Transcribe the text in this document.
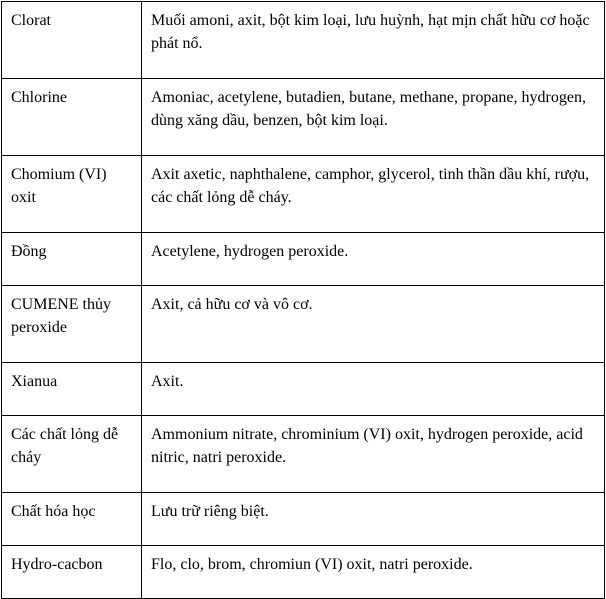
Clorat	Muối amoni, axit, bột kim loại, lưu huỳnh, hạt mịn chất hữu cơ hoặc phát nổ.
Chlorine	Amoniac, acetylene, butadien, butane, methane, propane, hydrogen, dùng xăng dầu, benzen, bột kim loại.
Chomium (VI) oxit	Axit axetic, naphthalene, camphor, glycerol, tinh thần dầu khí, rượu, các chất lỏng dễ cháy.
Đồng	Acetylene, hydrogen peroxide.
CUMENE thủy peroxide	Axit, cả hữu cơ và vô cơ.
Xianua	Axit.
Các chất lỏng dễ cháy	Ammonium nitrate, chrominium (VI) oxit, hydrogen peroxide, acid nitric, natri peroxide.
Chất hóa học	Lưu trữ riêng biệt.
Hydro-cacbon	Flo, clo, brom, chromiun (VI) oxit, natri peroxide.
